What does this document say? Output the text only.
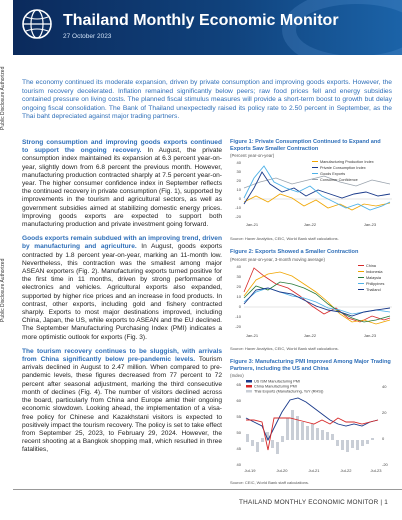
Public Disclosure Authorized
Public Disclosure Authorized
Thailand Monthly Economic Monitor
27 October 2023
The economy continued its moderate expansion, driven by private consumption and improving goods exports. However, the tourism recovery decelerated. Inflation remained significantly below peers; raw food prices fell and energy subsidies contained pressure on living costs. The planned fiscal stimulus measures will provide a short-term boost to growth but delay ongoing fiscal consolidation. The Bank of Thailand unexpectedly raised its policy rate to 2.50 percent in September, as the Thai baht depreciated against major trading partners.

Strong consumption and improving goods exports continued to support the ongoing recovery. In August, the private consumption index maintained its expansion at 6.3 percent year-on-year, slightly down from 6.8 percent the previous month. However, manufacturing production contracted sharply at 7.5 percent year-on-year. The higher consumer confidence index in September reflects the continued recovery in private consumption (Fig. 1), supported by improvements in the tourism and agricultural sectors, as well as government subsidies aimed at stabilizing domestic energy prices. Improving goods exports are expected to support both manufacturing production and private investment going forward.

Goods exports remain subdued with an improving trend, driven by manufacturing and agriculture. In August, goods exports contracted by 1.8 percent year-on-year, marking an 11-month low. Nevertheless, this contraction was the smallest among major ASEAN exporters (Fig. 2). Manufacturing exports turned positive for the first time in 11 months, driven by strong performance of electronics and vehicles. Agricultural exports also expanded, supported by higher rice prices and an increase in food products. In contrast, other exports, including gold and fishery contracted sharply. Exports to most major destinations improved, including China, Japan, the US, while exports to ASEAN and the EU declined. The September Manufacturing Purchasing Index (PMI) indicates a more optimistic outlook for exports (Fig. 3).

The tourism recovery continues to be sluggish, with arrivals from China significantly below pre-pandemic levels. Tourism arrivals declined in August to 2.47 million. When compared to pre-pandemic levels, these figures decreased from 77 percent to 72 percent after seasonal adjustment, marking the third consecutive month of declines (Fig. 4). The number of visitors declined across the board, particularly from China and Europe amid their ongoing economic slowdown. Looking ahead, the implementation of a visa-free policy for Chinese and Kazakhstani visitors is expected to positively impact the tourism recovery. The policy is set to take effect from September 25, 2023, to February 29, 2024. However, the recent shooting at a Bangkok shopping mall, which resulted in three fatalities,

Figure 1: Private Consumption Continued to Expand and Exports Saw Smaller Contraction
(Percent year-on-year)
40
30
20
10
0
-10
-20
Manufacturing Production Index
Private Consumption Index
Goods Exports
Consumer Confidence
Jan-21	Jan-22	Jan-23
Source: Haver Analytics, CEIC, World Bank staff calculations.
Figure 2: Exports Showed a Smaller Contraction
(Percent year-on-year, 3-month moving average)
40
30
20
10
0
-10
-20
China
Indonesia
Malaysia
Philippines
Thailand
Jan-21	Jan-22	Jan-23
Source: Haver Analytics, CEIC, World Bank staff calculations.
Figure 3: Manufacturing PMI Improved Among Major Trading Partners, including the US and China
(Index)
65
60
55
50
45
40
40
20
0
-20
US ISM Manufacturing PMI
China Manufacturing PMI
Thai Exports (Manufacturing, YoY (RHS))
Jul-19	Jul-20	Jul-21	Jul-22	Jul-23
Source: CEIC, World Bank staff calculations.
THAILAND MONTHLY ECONOMIC MONITOR | 1
